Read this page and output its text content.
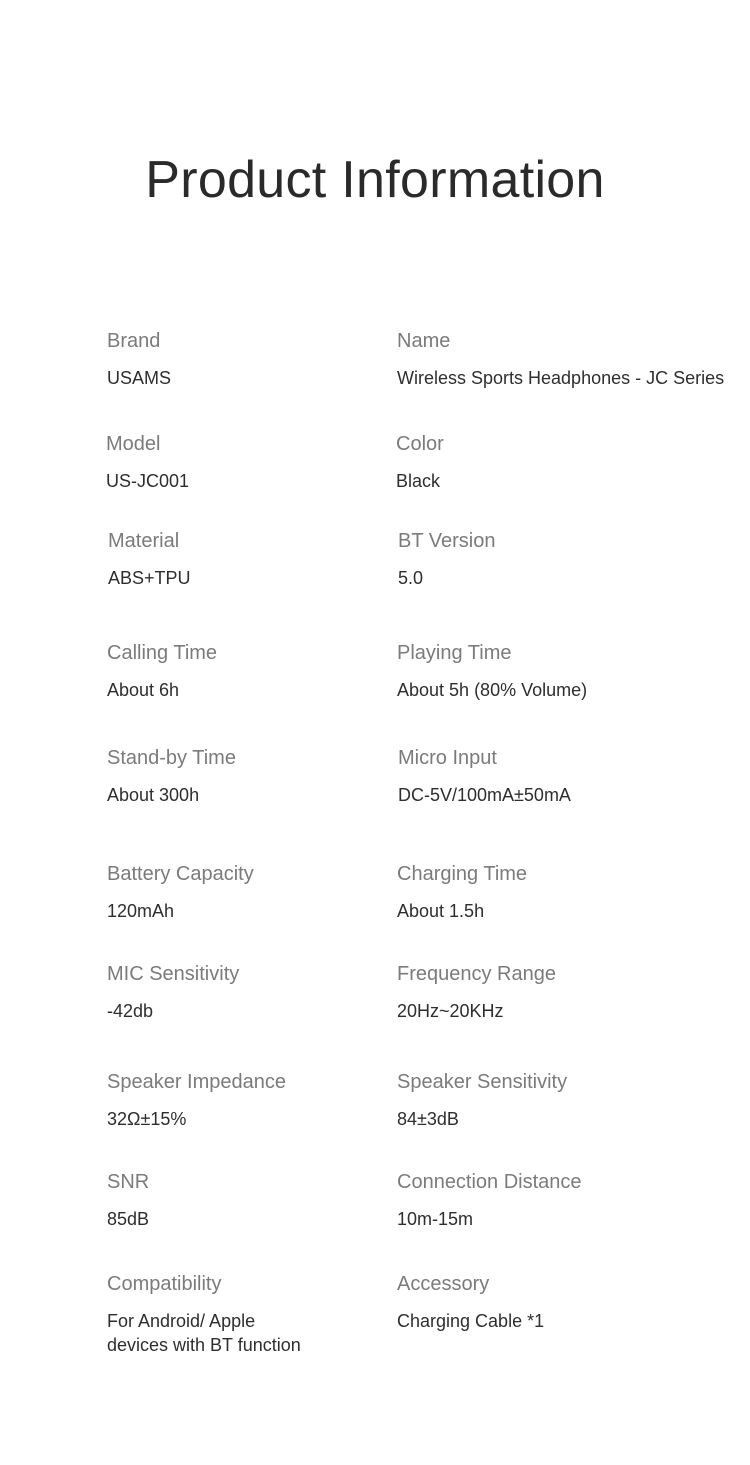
Product Information
Brand
USAMS
Name
Wireless Sports Headphones - JC Series
Model
US-JC001
Color
Black
Material
ABS+TPU
BT Version
5.0
Calling Time
About 6h
Playing Time
About 5h (80% Volume)
Stand-by Time
About 300h
Micro Input
DC-5V/100mA±50mA
Battery Capacity
120mAh
Charging Time
About 1.5h
MIC Sensitivity
-42db
Frequency Range
20Hz~20KHz
Speaker Impedance
32Ω±15%
Speaker Sensitivity
84±3dB
SNR
85dB
Connection Distance
10m-15m
Compatibility
For Android/ Apple
devices with BT function
Accessory
Charging Cable *1
